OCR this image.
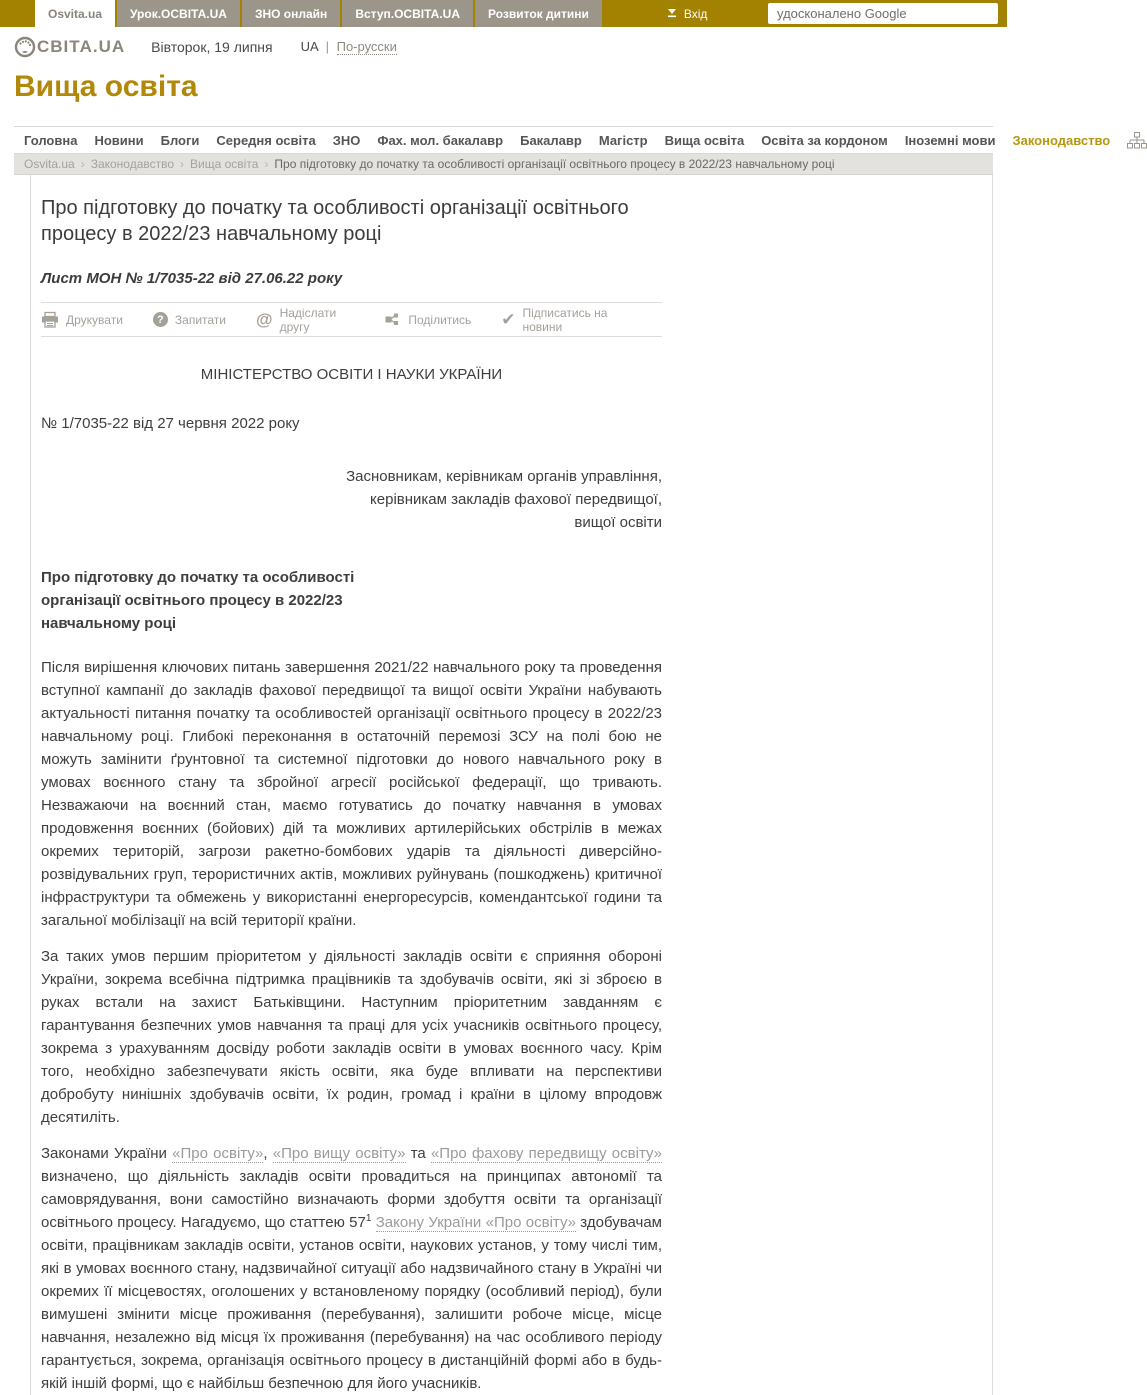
Osvita.ua	Урок.ОСВІТА.UA	ЗНО онлайн	Вступ.ОСВІТА.UA	Розвиток дитини	Вхід
удосконалено Google
СВІТА.UA Вівторок, 19 липня UA | По-русски
Вища освіта
Головна Новини Блоги Середня освіта ЗНО Фах. мол. бакалавр Бакалавр Магістр Вища освіта Освіта за кордоном Іноземні мови Законодавство
Osvita.ua › Законодавство › Вища освіта › Про підготовку до початку та особливості організації освітнього процесу в 2022/23 навчальному році
Про підготовку до початку та особливості організації освітнього процесу в 2022/23 навчальному році
Лист МОН № 1/7035-22 від 27.06.22 року
Друкувати	? Запитати @ Надіслати другу	Поділитись ✔ Підписатись на новини
МІНІСТЕРСТВО ОСВІТИ І НАУКИ УКРАЇНИ
№ 1/7035-22 від 27 червня 2022 року
Засновникам, керівникам органів управління,
керівникам закладів фахової передвищої,
вищої освіти
Про підготовку до початку та особливості організації освітнього процесу в 2022/23 навчальному році

Після вирішення ключових питань завершення 2021/22 навчального року та проведення вступної кампанії до закладів фахової передвищої та вищої освіти України набувають актуальності питання початку та особливостей організації освітнього процесу в 2022/23 навчальному році. Глибокі переконання в остаточній перемозі ЗСУ на полі бою не можуть замінити ґрунтовної та системної підготовки до нового навчального року в умовах воєнного стану та збройної агресії російської федерації, що тривають. Незважаючи на воєнний стан, маємо готуватись до початку навчання в умовах продовження воєнних (бойових) дій та можливих артилерійських обстрілів в межах окремих територій, загрози ракетно-бомбових ударів та діяльності диверсійно-розвідувальних груп, терористичних актів, можливих руйнувань (пошкоджень) критичної інфраструктури та обмежень у використанні енергоресурсів, комендантської години та загальної мобілізації на всій території країни.

За таких умов першим пріоритетом у діяльності закладів освіти є сприяння обороні України, зокрема всебічна підтримка працівників та здобувачів освіти, які зі зброєю в руках встали на захист Батьківщини. Наступним пріоритетним завданням є гарантування безпечних умов навчання та праці для усіх учасників освітнього процесу, зокрема з урахуванням досвіду роботи закладів освіти в умовах воєнного часу. Крім того, необхідно забезпечувати якість освіти, яка буде впливати на перспективи добробуту нинішніх здобувачів освіти, їх родин, громад і країни в цілому впродовж десятиліть.

Законами України «Про освіту», «Про вищу освіту» та «Про фахову передвищу освіту» визначено, що діяльність закладів освіти провадиться на принципах автономії та самоврядування, вони самостійно визначають форми здобуття освіти та організації освітнього процесу. Нагадуємо, що статтею 57$^1$ Закону України «Про освіту» здобувачам освіти, працівникам закладів освіти, установ освіти, наукових установ, у тому числі тим, які в умовах воєнного стану, надзвичайної ситуації або надзвичайного стану в Україні чи окремих її місцевостях, оголошених у встановленому порядку (особливий період), були вимушені змінити місце проживання (перебування), залишити робоче місце, місце навчання, незалежно від місця їх проживання (перебування) на час особливого періоду гарантується, зокрема, організація освітнього процесу в дистанційній формі або в будь-якій іншій формі, що є найбільш безпечною для його учасників.
